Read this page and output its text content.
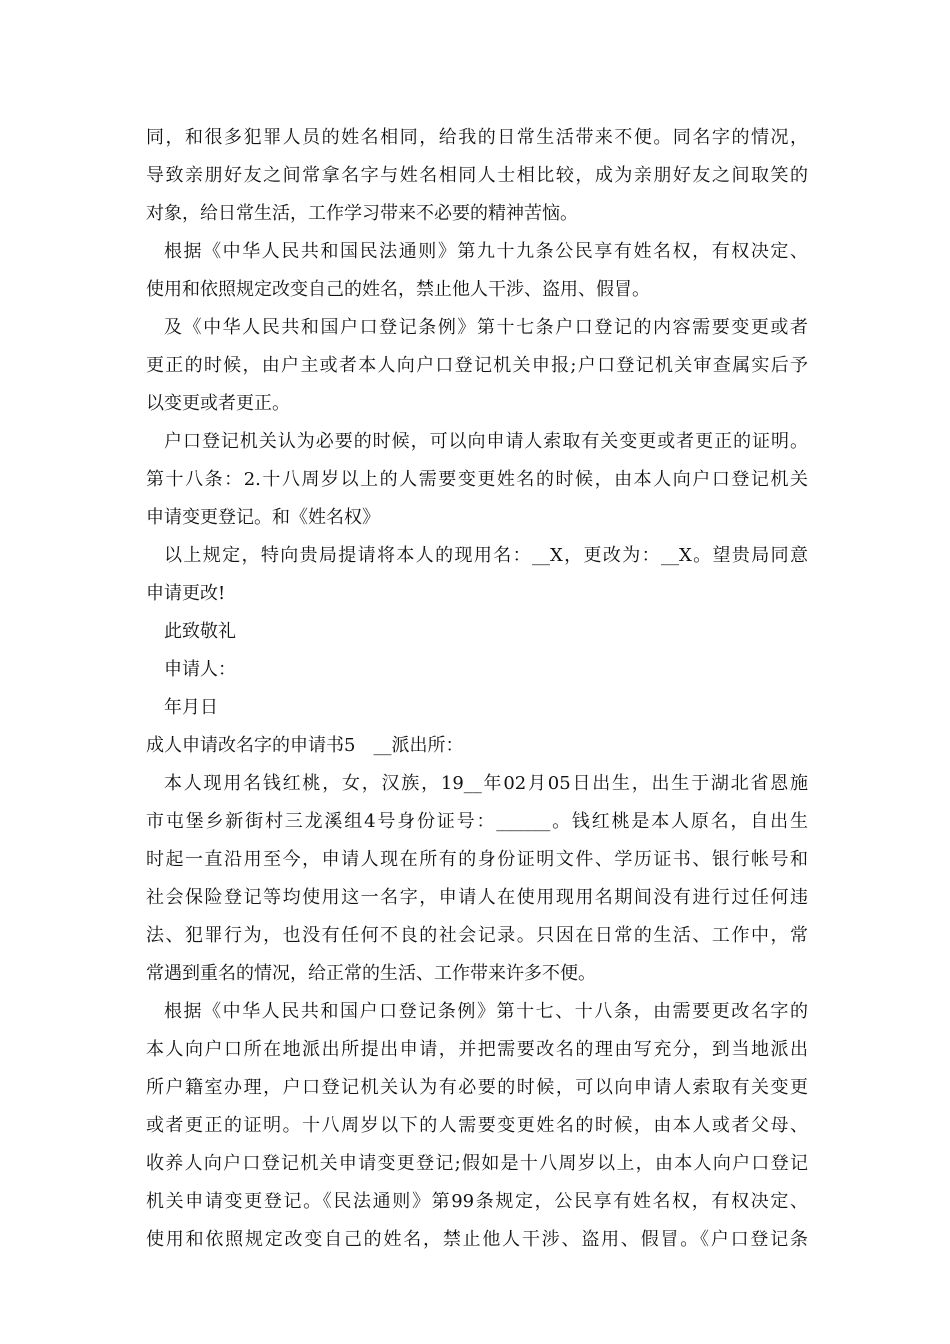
同，和很多犯罪人员的姓名相同，给我的日常生活带来不便。同名字的情况，
导致亲朋好友之间常拿名字与姓名相同人士相比较，成为亲朋好友之间取笑的
对象，给日常生活，工作学习带来不必要的精神苦恼。
根据《中华人民共和国民法通则》第九十九条公民享有姓名权，有权决定、
使用和依照规定改变自己的姓名，禁止他人干涉、盗用、假冒。
及《中华人民共和国户口登记条例》第十七条户口登记的内容需要变更或者
更正的时候，由户主或者本人向户口登记机关申报;户口登记机关审查属实后予
以变更或者更正。
户口登记机关认为必要的时候，可以向申请人索取有关变更或者更正的证明。
第十八条：2.十八周岁以上的人需要变更姓名的时候，由本人向户口登记机关
申请变更登记。和《姓名权》
以上规定，特向贵局提请将本人的现用名：__X，更改为：__X。望贵局同意
申请更改!
此致敬礼
申请人：
年月日
成人申请改名字的申请书5　__派出所：
本人现用名钱红桃，女，汉族，19__年02月05日出生，出生于湖北省恩施
市屯堡乡新街村三龙溪组4号身份证号：______。钱红桃是本人原名，自出生
时起一直沿用至今，申请人现在所有的身份证明文件、学历证书、银行帐号和
社会保险登记等均使用这一名字，申请人在使用现用名期间没有进行过任何违
法、犯罪行为，也没有任何不良的社会记录。只因在日常的生活、工作中，常
常遇到重名的情况，给正常的生活、工作带来许多不便。
根据《中华人民共和国户口登记条例》第十七、十八条，由需要更改名字的
本人向户口所在地派出所提出申请，并把需要改名的理由写充分，到当地派出
所户籍室办理，户口登记机关认为有必要的时候，可以向申请人索取有关变更
或者更正的证明。十八周岁以下的人需要变更姓名的时候，由本人或者父母、
收养人向户口登记机关申请变更登记;假如是十八周岁以上，由本人向户口登记
机关申请变更登记。《民法通则》第99条规定，公民享有姓名权，有权决定、
使用和依照规定改变自己的姓名，禁止他人干涉、盗用、假冒。《户口登记条
